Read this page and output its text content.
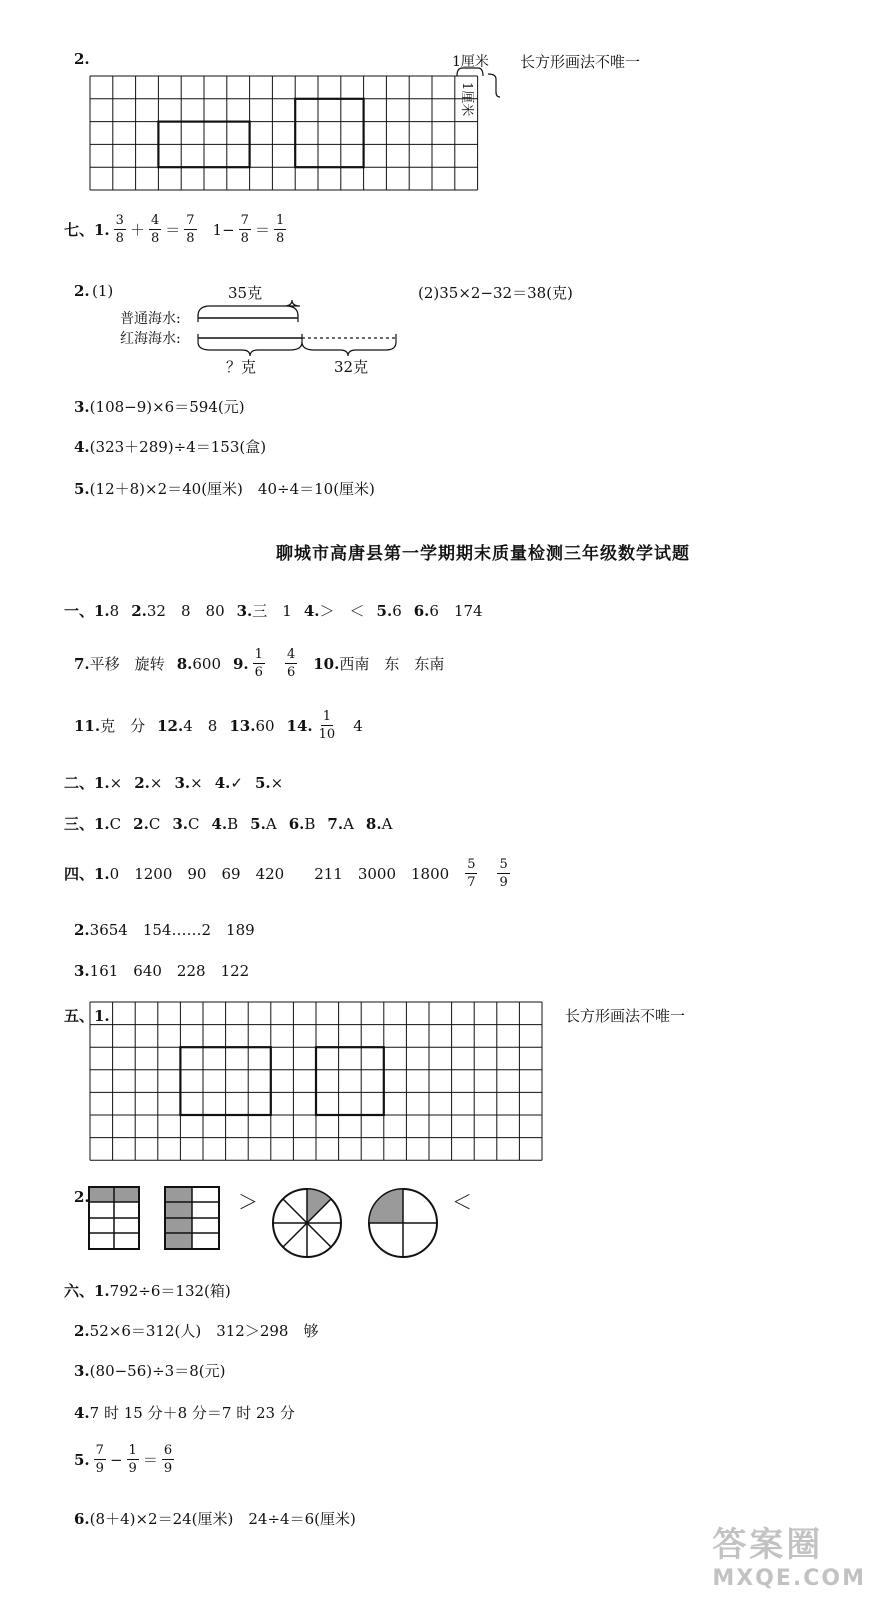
2.	1厘米
1厘米
长方形画法不唯一
七、1. $\frac{3}{8} + \frac{4}{8} = \frac{7}{8} 1 - \frac{7}{8} = \frac{1}{8}$
2. (1)	35克
普通海水:
红海海水:
？克	32克
(2)35×2−32＝38(克)
3. (108−9)×6＝594(元)
4. (323＋289)÷4＝153(盒)
5. (12＋8)×2＝40(厘米)　40÷4＝10(厘米)
聊城市高唐县第一学期期末质量检测三年级数学试题
一、1. 8 2. 32　8　80 3. 三　1 4. ＞　＜ 5. 6 6. 6　174
7. 平移　旋转 8. 600 9. $\frac{1}{6} \frac{4}{6} 10$. 西南　东　东南
11. 克　分 12. 4　8 13. 60 14. $\frac{1}{10} 4$
二、1. × 2. × 3. × 4. ✓ 5. ×
三、1. C 2. C 3. C 4. B 5. A 6. B 7. A 8. A
四、1. 0　1200　90　69　420　　211　3000　$1800 \frac{5}{7} \frac{5}{9}$
2. 3654　154……2　189
3. 161　640　228　122
五、1.	长方形画法不唯一
2.	＞	＜
六、1. 792÷6＝132(箱)
2. 52×6＝312(人)　312＞298　够
3. (80−56)÷3＝8(元)
4. 7 时 15 分＋8 分＝7 时 23 分
5. $\frac{7}{9} - \frac{1}{9} = \frac{6}{9}$
6. (8＋4)×2＝24(厘米)　24÷4＝6(厘米)
答案圈
MXQE.COM
